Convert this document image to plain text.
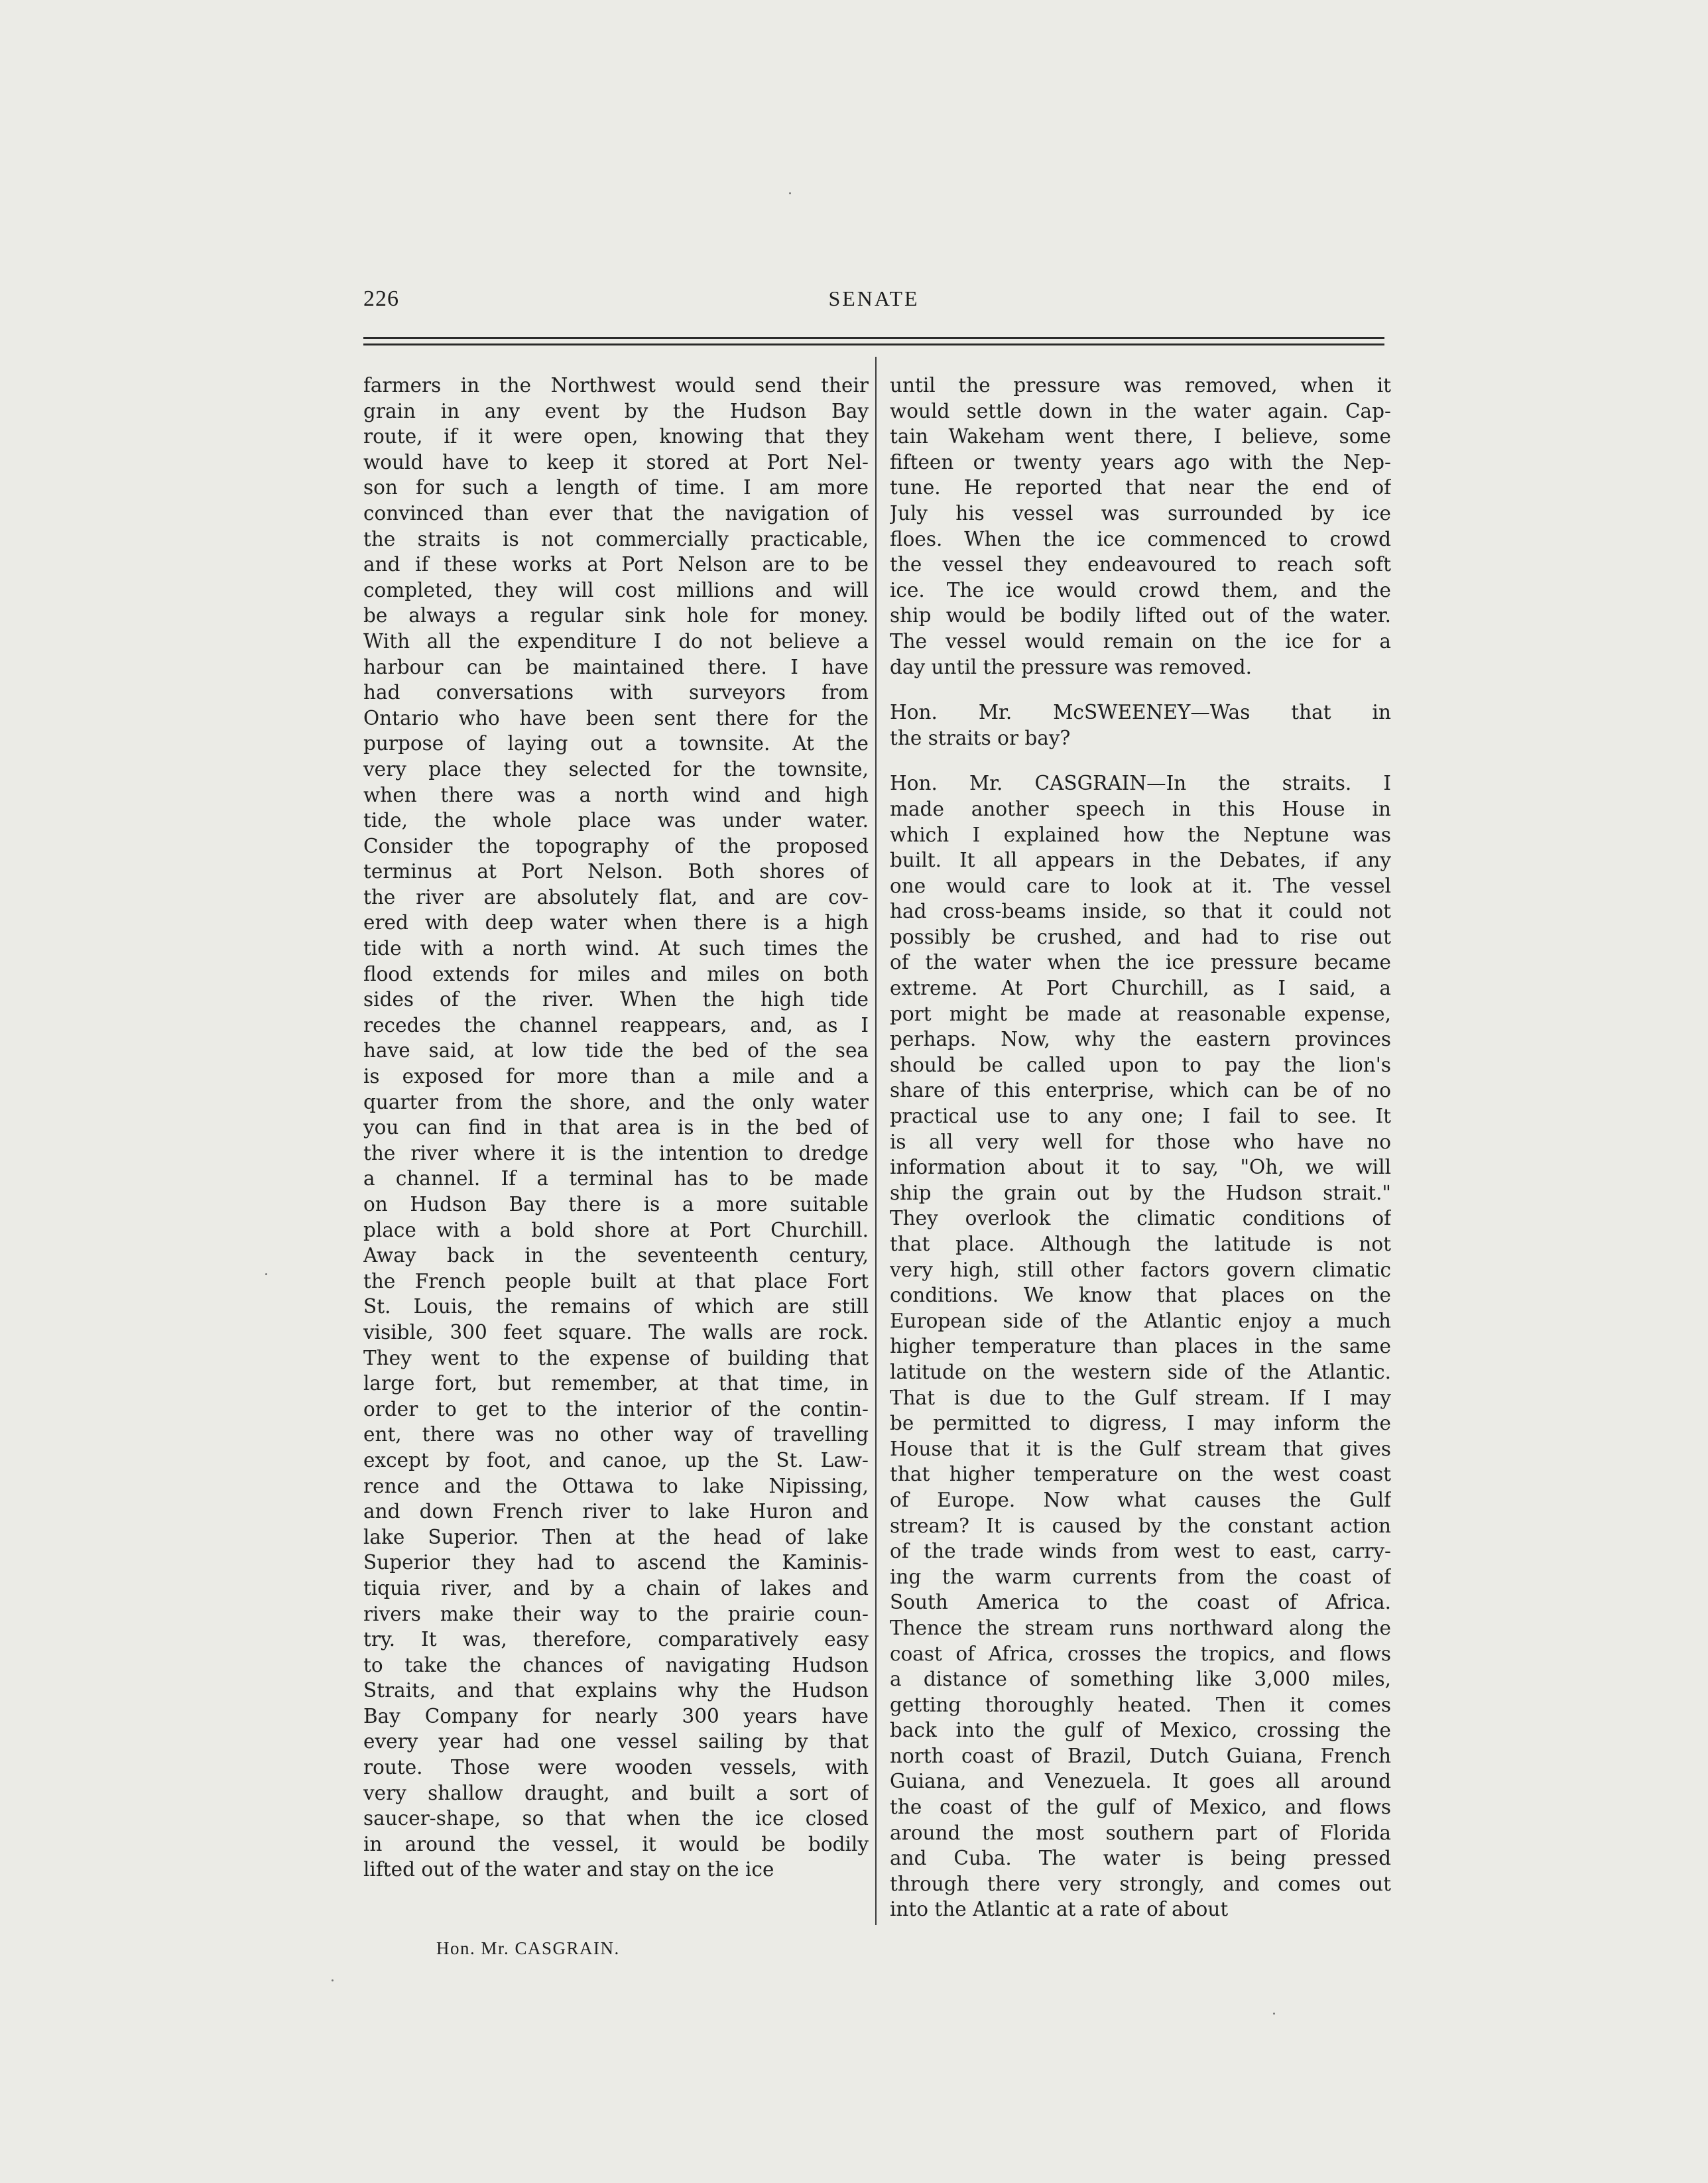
226	SENATE
farmers in the Northwest would send their
grain in any event by the Hudson Bay
route, if it were open, knowing that they
would have to keep it stored at Port Nel-
son for such a length of time. I am more
convinced than ever that the navigation of
the straits is not commercially practicable,
and if these works at Port Nelson are to be
completed, they will cost millions and will
be always a regular sink hole for money.
With all the expenditure I do not believe a
harbour can be maintained there. I have
had conversations with surveyors from
Ontario who have been sent there for the
purpose of laying out a townsite. At the
very place they selected for the townsite,
when there was a north wind and high
tide, the whole place was under water.
Consider the topography of the proposed
terminus at Port Nelson. Both shores of
the river are absolutely flat, and are cov-
ered with deep water when there is a high
tide with a north wind. At such times the
flood extends for miles and miles on both
sides of the river. When the high tide
recedes the channel reappears, and, as I
have said, at low tide the bed of the sea
is exposed for more than a mile and a
quarter from the shore, and the only water
you can find in that area is in the bed of
the river where it is the intention to dredge
a channel. If a terminal has to be made
on Hudson Bay there is a more suitable
place with a bold shore at Port Churchill.
Away back in the seventeenth century,
the French people built at that place Fort
St. Louis, the remains of which are still
visible, 300 feet square. The walls are rock.
They went to the expense of building that
large fort, but remember, at that time, in
order to get to the interior of the contin-
ent, there was no other way of travelling
except by foot, and canoe, up the St. Law-
rence and the Ottawa to lake Nipissing,
and down French river to lake Huron and
lake Superior. Then at the head of lake
Superior they had to ascend the Kaminis-
tiquia river, and by a chain of lakes and
rivers make their way to the prairie coun-
try. It was, therefore, comparatively easy
to take the chances of navigating Hudson
Straits, and that explains why the Hudson
Bay Company for nearly 300 years have
every year had one vessel sailing by that
route. Those were wooden vessels, with
very shallow draught, and built a sort of
saucer-shape, so that when the ice closed
in around the vessel, it would be bodily
lifted out of the water and stay on the ice
until the pressure was removed, when it
would settle down in the water again. Cap-
tain Wakeham went there, I believe, some
fifteen or twenty years ago with the Nep-
tune. He reported that near the end of
July his vessel was surrounded by ice
floes. When the ice commenced to crowd
the vessel they endeavoured to reach soft
ice. The ice would crowd them, and the
ship would be bodily lifted out of the water.
The vessel would remain on the ice for a
day until the pressure was removed.
Hon. Mr. McSWEENEY—Was that in
the straits or bay?
Hon. Mr. CASGRAIN—In the straits. I
made another speech in this House in
which I explained how the Neptune was
built. It all appears in the Debates, if any
one would care to look at it. The vessel
had cross-beams inside, so that it could not
possibly be crushed, and had to rise out
of the water when the ice pressure became
extreme. At Port Churchill, as I said, a
port might be made at reasonable expense,
perhaps. Now, why the eastern provinces
should be called upon to pay the lion's
share of this enterprise, which can be of no
practical use to any one; I fail to see. It
is all very well for those who have no
information about it to say, "Oh, we will
ship the grain out by the Hudson strait."
They overlook the climatic conditions of
that place. Although the latitude is not
very high, still other factors govern climatic
conditions. We know that places on the
European side of the Atlantic enjoy a much
higher temperature than places in the same
latitude on the western side of the Atlantic.
That is due to the Gulf stream. If I may
be permitted to digress, I may inform the
House that it is the Gulf stream that gives
that higher temperature on the west coast
of Europe. Now what causes the Gulf
stream? It is caused by the constant action
of the trade winds from west to east, carry-
ing the warm currents from the coast of
South America to the coast of Africa.
Thence the stream runs northward along the
coast of Africa, crosses the tropics, and flows
a distance of something like 3,000 miles,
getting thoroughly heated. Then it comes
back into the gulf of Mexico, crossing the
north coast of Brazil, Dutch Guiana, French
Guiana, and Venezuela. It goes all around
the coast of the gulf of Mexico, and flows
around the most southern part of Florida
and Cuba. The water is being pressed
through there very strongly, and comes out
into the Atlantic at a rate of about
Hon. Mr. CASGRAIN.
